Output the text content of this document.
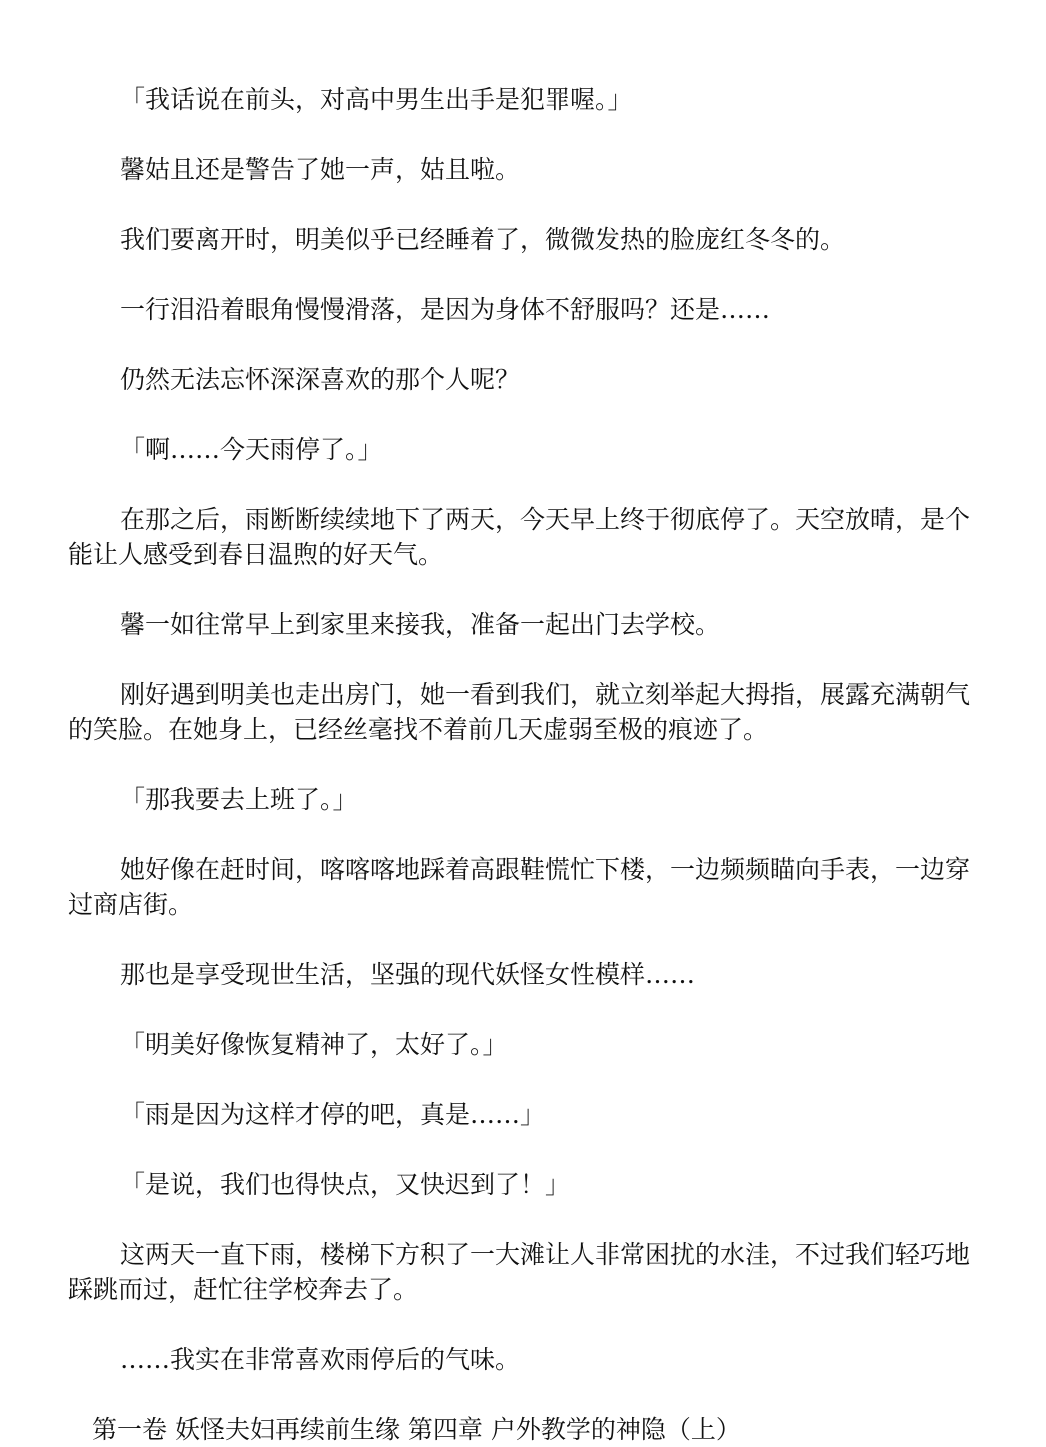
「我话说在前头，对高中男生出手是犯罪喔。」

馨姑且还是警告了她一声，姑且啦。

我们要离开时，明美似乎已经睡着了，微微发热的脸庞红冬冬的。

一行泪沿着眼角慢慢滑落，是因为身体不舒服吗？还是……

仍然无法忘怀深深喜欢的那个人呢？

「啊……今天雨停了。」

在那之后，雨断断续续地下了两天，今天早上终于彻底停了。天空放晴，是个能让人感受到春日温煦的好天气。

馨一如往常早上到家里来接我，准备一起出门去学校。

刚好遇到明美也走出房门，她一看到我们，就立刻举起大拇指，展露充满朝气的笑脸。在她身上，已经丝毫找不着前几天虚弱至极的痕迹了。

「那我要去上班了。」

她好像在赶时间，喀喀喀地踩着高跟鞋慌忙下楼，一边频频瞄向手表，一边穿过商店街。

那也是享受现世生活，坚强的现代妖怪女性模样……

「明美好像恢复精神了，太好了。」

「雨是因为这样才停的吧，真是……」

「是说，我们也得快点，又快迟到了！」

这两天一直下雨，楼梯下方积了一大滩让人非常困扰的水洼，不过我们轻巧地踩跳而过，赶忙往学校奔去了。

……我实在非常喜欢雨停后的气味。

第一卷 妖怪夫妇再续前生缘 第四章 户外教学的神隐（上）
